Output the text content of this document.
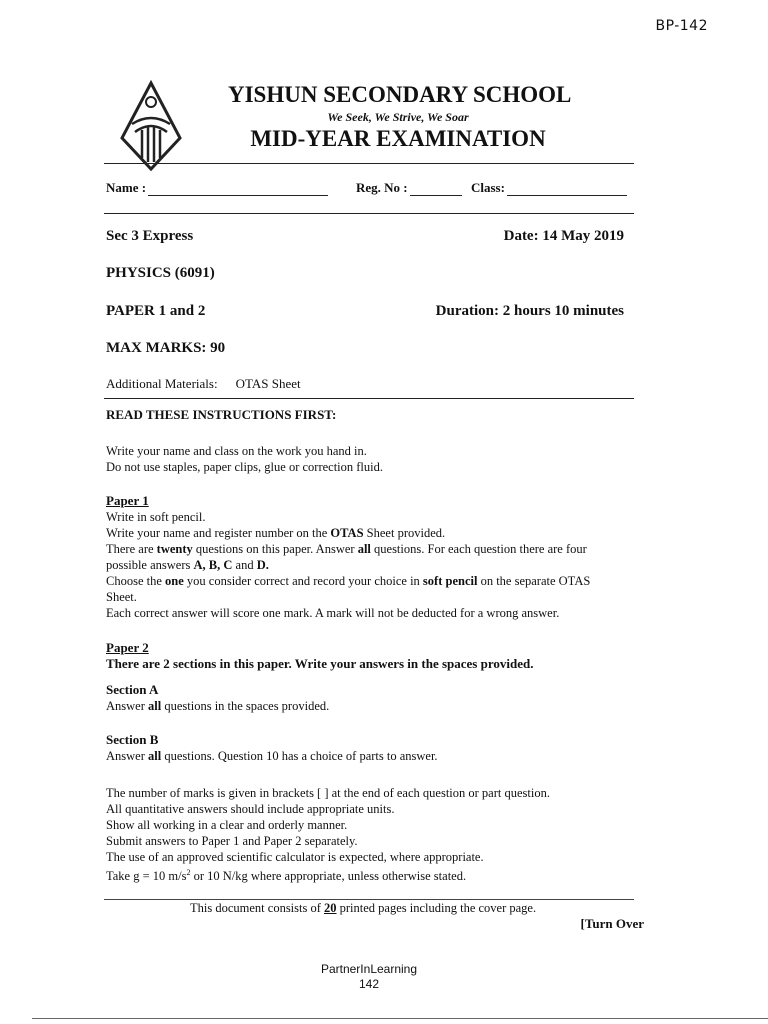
BP-142
YISHUN SECONDARY SCHOOL
We Seek, We Strive, We Soar
MID-YEAR EXAMINATION
Name :	Reg. No :	Class:
Sec 3 Express	Date: 14 May 2019
PHYSICS (6091)
PAPER 1 and 2	Duration: 2 hours 10 minutes
MAX MARKS: 90
Additional Materials: OTAS Sheet
READ THESE INSTRUCTIONS FIRST:
Write your name and class on the work you hand in.
Do not use staples, paper clips, glue or correction fluid.
Paper 1
Write in soft pencil.
Write your name and register number on the OTAS Sheet provided.
There are twenty questions on this paper. Answer all questions. For each question there are four
possible answers A, B, C and D.
Choose the one you consider correct and record your choice in soft pencil on the separate OTAS
Sheet.
Each correct answer will score one mark. A mark will not be deducted for a wrong answer.
Paper 2
There are 2 sections in this paper. Write your answers in the spaces provided.
Section A
Answer all questions in the spaces provided.
Section B
Answer all questions. Question 10 has a choice of parts to answer.
The number of marks is given in brackets [ ] at the end of each question or part question.
All quantitative answers should include appropriate units.
Show all working in a clear and orderly manner.
Submit answers to Paper 1 and Paper 2 separately.
The use of an approved scientific calculator is expected, where appropriate.
Take g = 10 $m/s^2$ or 10 N/kg where appropriate, unless otherwise stated.
This document consists of 20 printed pages including the cover page.
[Turn Over
PartnerInLearning
142
